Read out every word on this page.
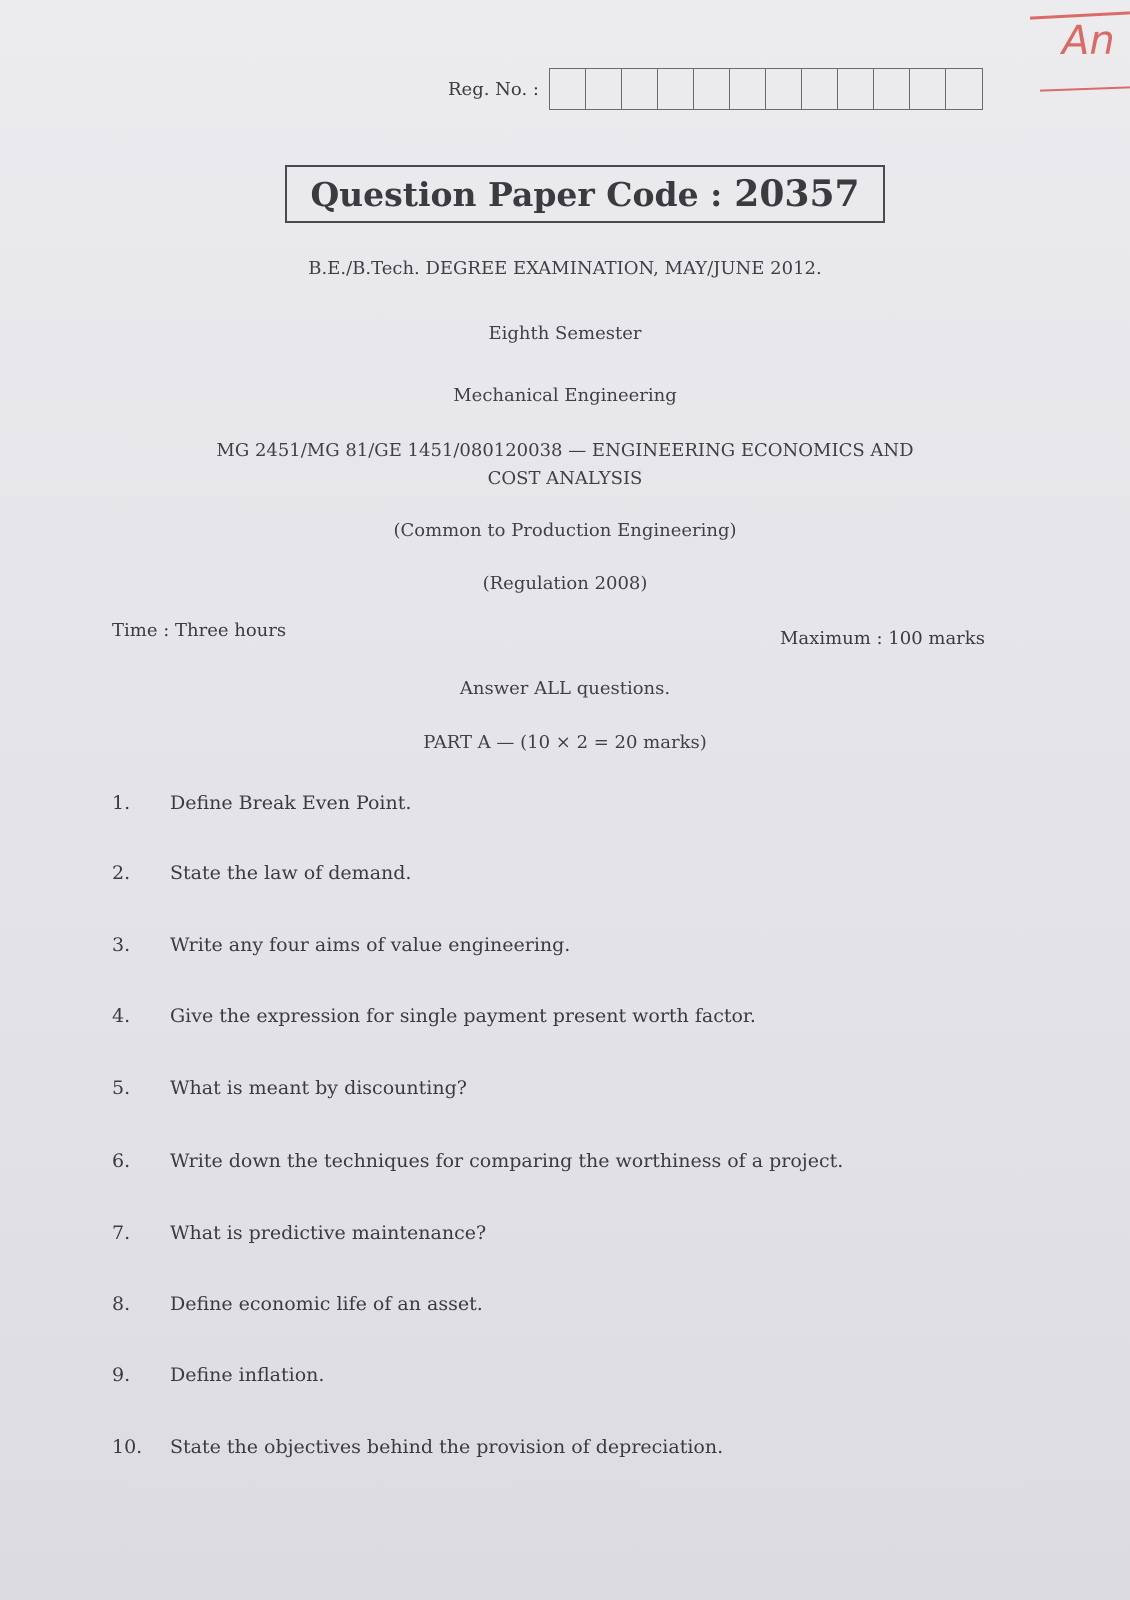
An
Reg. No. :
Question Paper Code : 20357
B.E./B.Tech. DEGREE EXAMINATION, MAY/JUNE 2012.
Eighth Semester
Mechanical Engineering
MG 2451/MG 81/GE 1451/080120038 — ENGINEERING ECONOMICS AND
COST ANALYSIS
(Common to Production Engineering)
(Regulation 2008)
Time : Three hours	Maximum : 100 marks
Answer ALL questions.
PART A — (10 × 2 = 20 marks)
1.	Define Break Even Point.
2.	State the law of demand.
3.	Write any four aims of value engineering.
4.	Give the expression for single payment present worth factor.
5.	What is meant by discounting?
6.	Write down the techniques for comparing the worthiness of a project.
7.	What is predictive maintenance?
8.	Define economic life of an asset.
9.	Define inflation.
10.	State the objectives behind the provision of depreciation.
